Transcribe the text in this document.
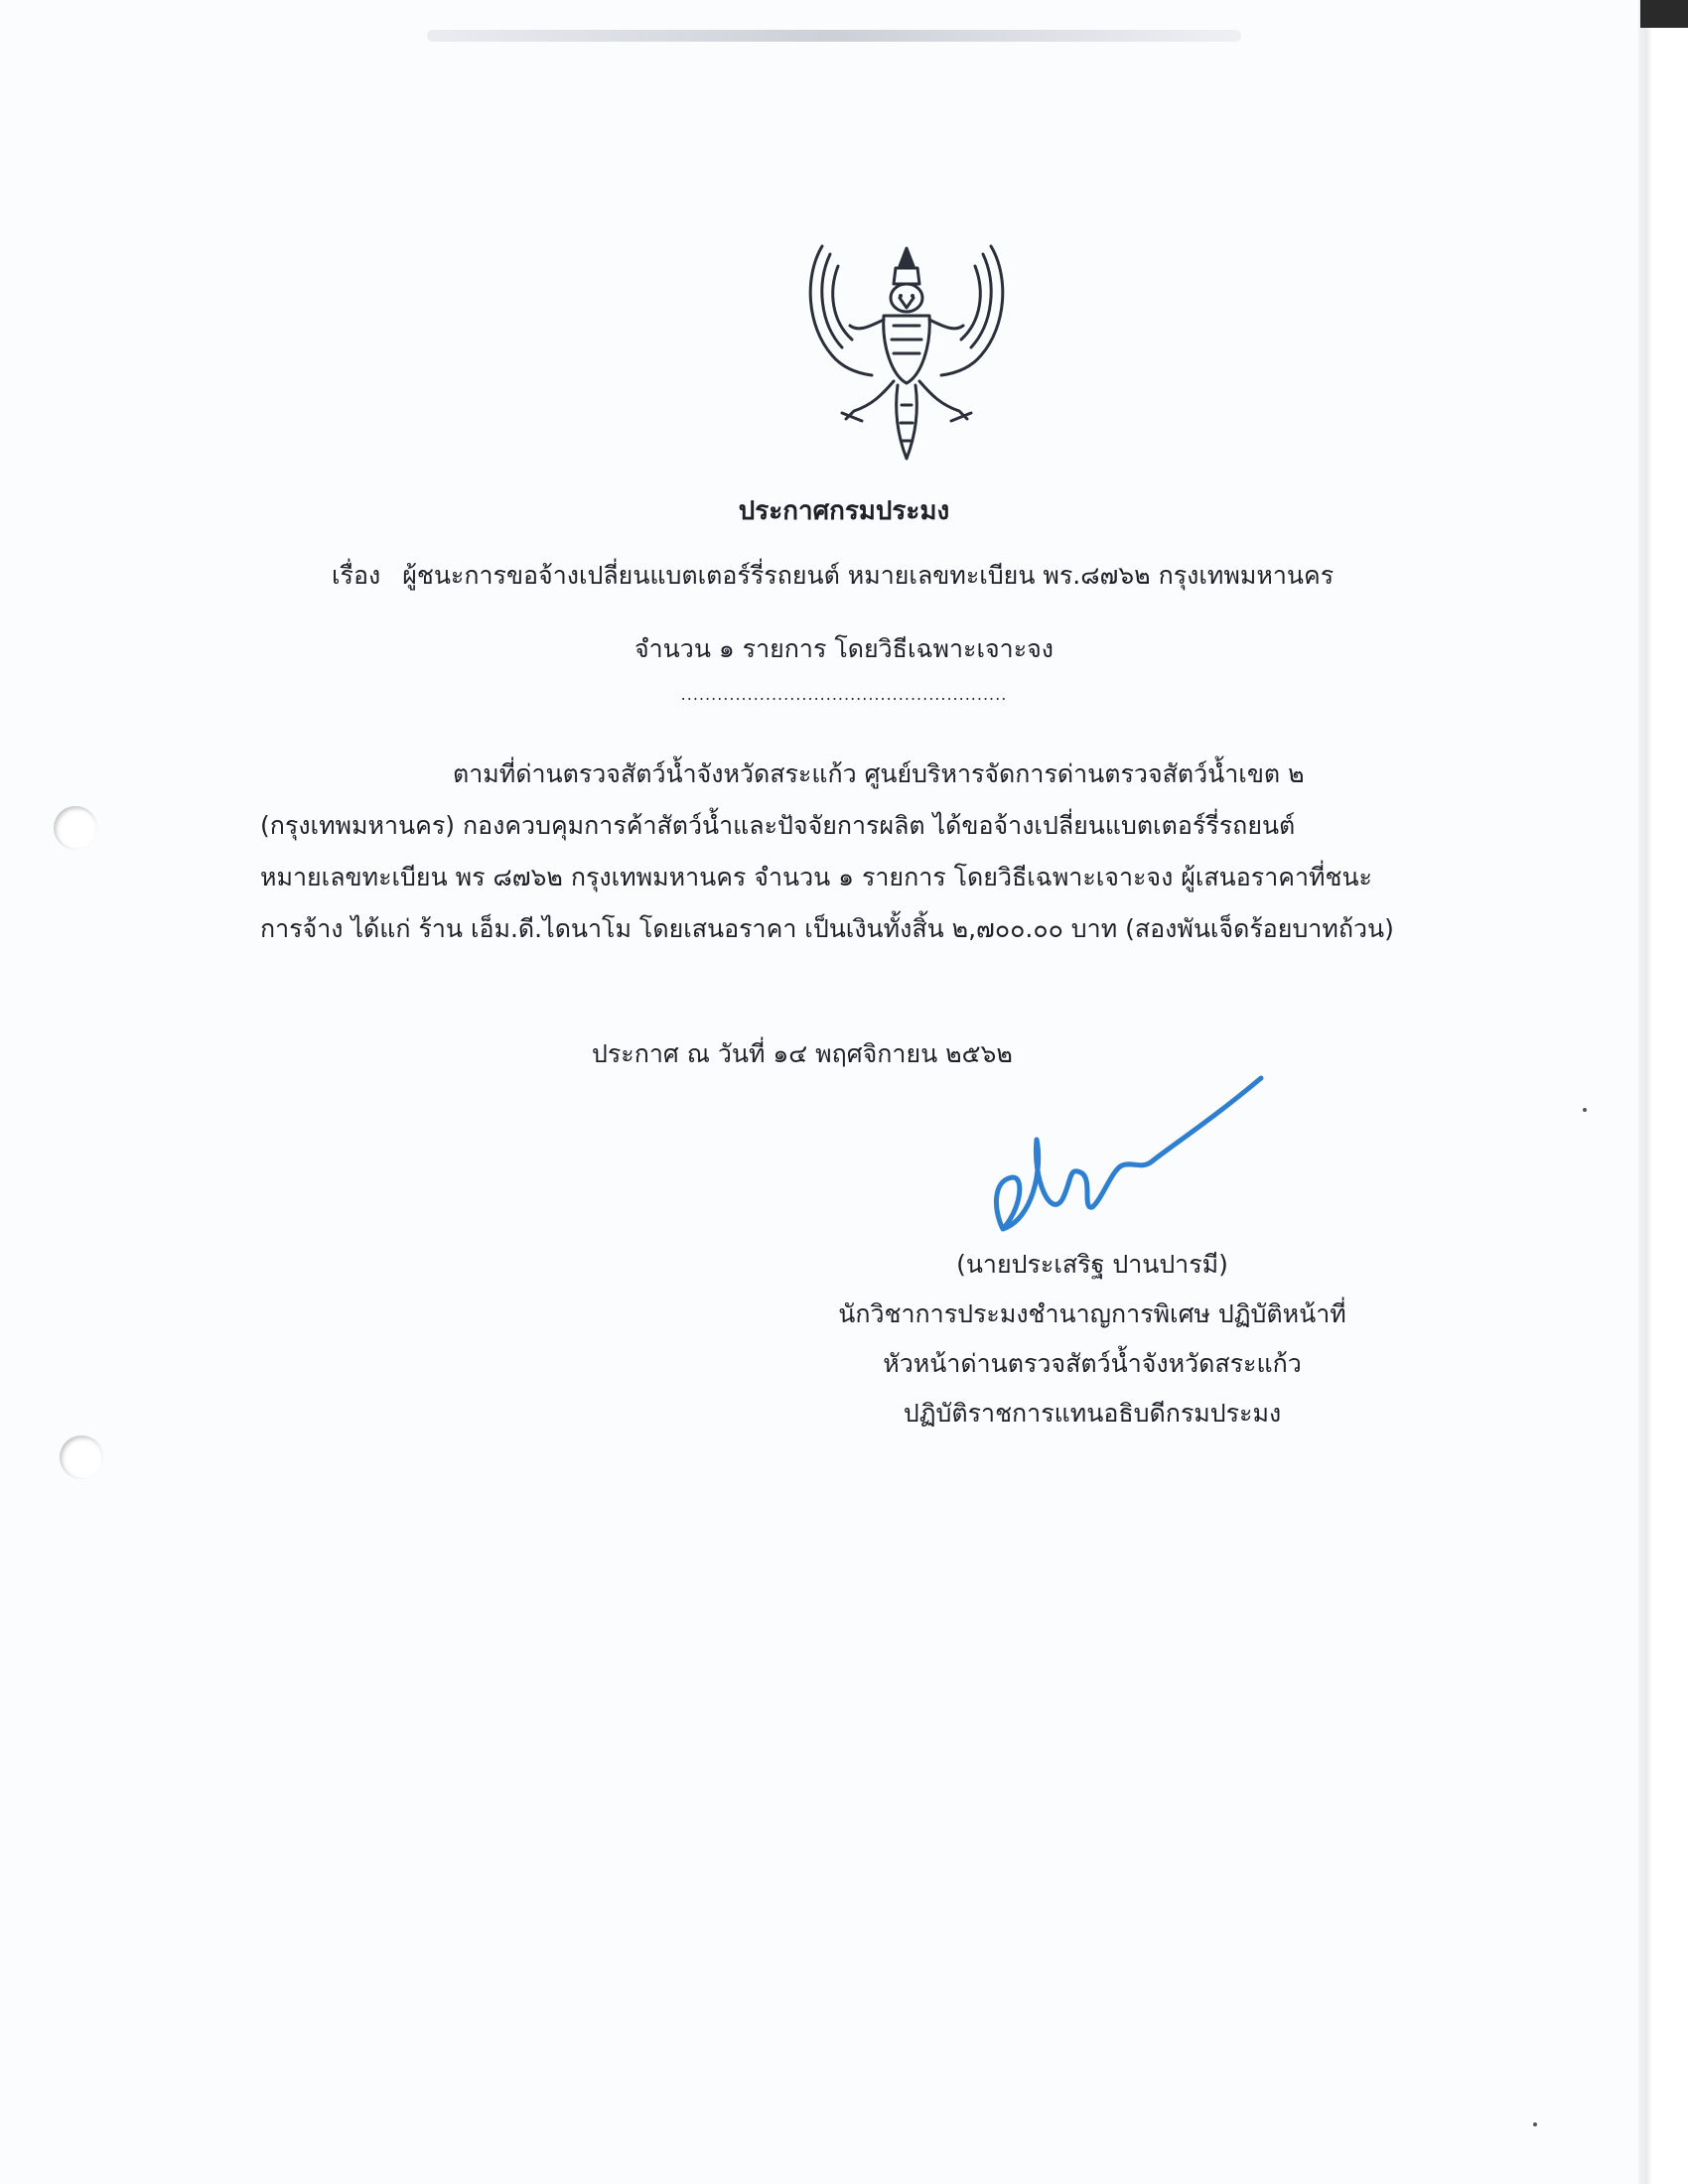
ประกาศกรมประมง
เรื่อง ผู้ชนะการขอจ้างเปลี่ยนแบตเตอร์รี่รถยนต์ หมายเลขทะเบียน พร.๘๗๖๒ กรุงเทพมหานคร
จำนวน ๑ รายการ โดยวิธีเฉพาะเจาะจง
......................................................
ตามที่ด่านตรวจสัตว์น้ำจังหวัดสระแก้ว ศูนย์บริหารจัดการด่านตรวจสัตว์น้ำเขต ๒
(กรุงเทพมหานคร) กองควบคุมการค้าสัตว์น้ำและปัจจัยการผลิต ได้ขอจ้างเปลี่ยนแบตเตอร์รี่รถยนต์
หมายเลขทะเบียน พร ๘๗๖๒ กรุงเทพมหานคร จำนวน ๑ รายการ โดยวิธีเฉพาะเจาะจง ผู้เสนอราคาที่ชนะ
การจ้าง ได้แก่ ร้าน เอ็ม.ดี.ไดนาโม โดยเสนอราคา เป็นเงินทั้งสิ้น ๒,๗๐๐.๐๐ บาท (สองพันเจ็ดร้อยบาทถ้วน)
ประกาศ ณ วันที่ ๑๔ พฤศจิกายน ๒๕๖๒
(นายประเสริฐ ปานปารมี)
นักวิชาการประมงชำนาญการพิเศษ ปฏิบัติหน้าที่
หัวหน้าด่านตรวจสัตว์น้ำจังหวัดสระแก้ว
ปฏิบัติราชการแทนอธิบดีกรมประมง
